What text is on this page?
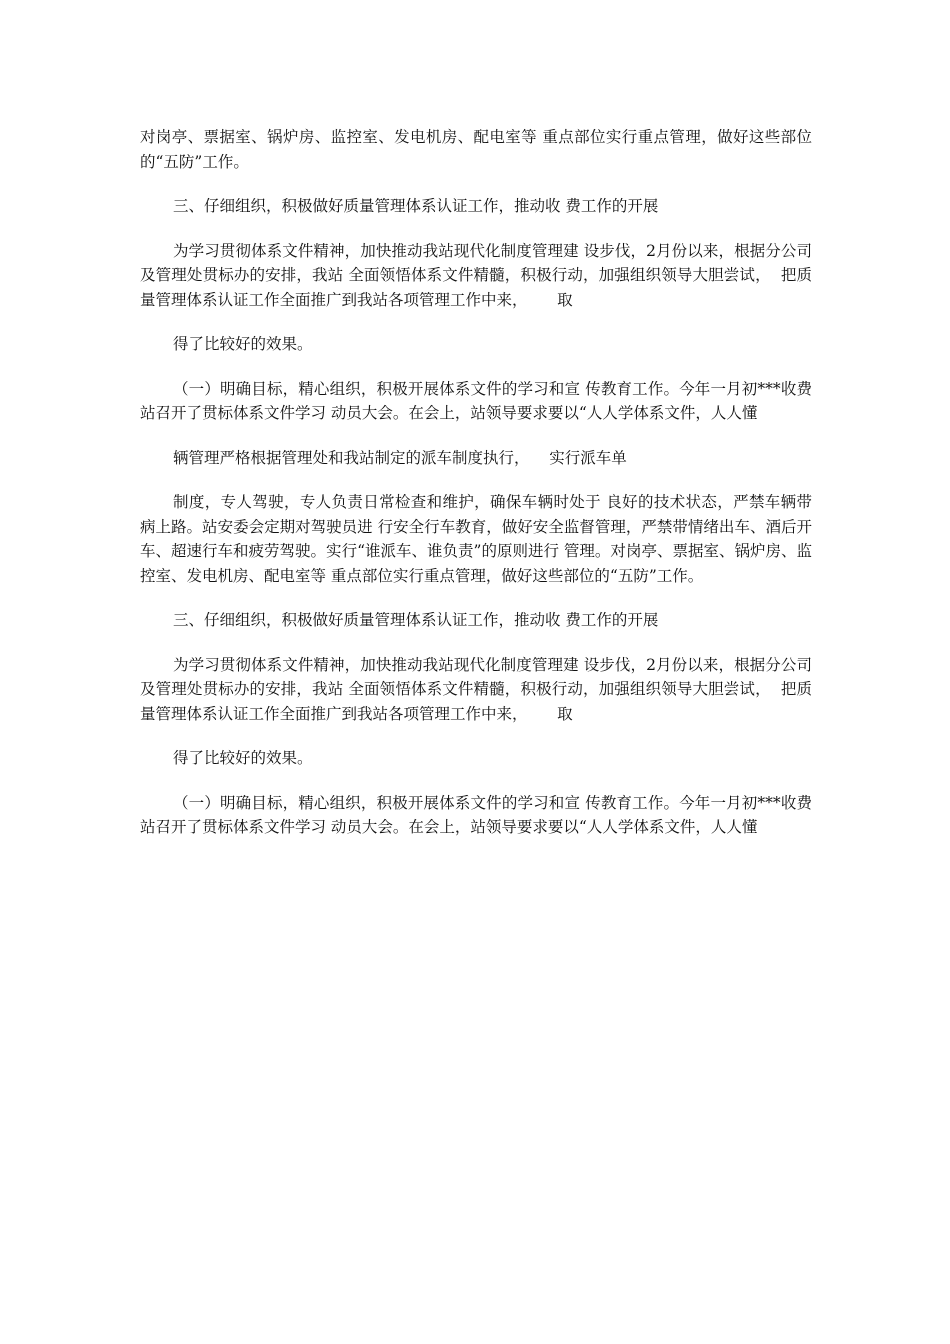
对岗亭、票据室、锅炉房、监控室、发电机房、配电室等 重点部位实行重点管理，做好这些部位的“五防”工作。

三、仔细组织，积极做好质量管理体系认证工作，推动收 费工作的开展

为学习贯彻体系文件精神，加快推动我站现代化制度管理建 设步伐，2月份以来，根据分公司及管理处贯标办的安排，我站 全面领悟体系文件精髓，积极行动，加强组织领导大胆尝试，  把质量管理体系认证工作全面推广到我站各项管理工作中来，      取

得了比较好的效果。

（一）明确目标，精心组织，积极开展体系文件的学习和宣 传教育工作。今年一月初***收费站召开了贯标体系文件学习 动员大会。在会上，站领导要求要以“人人学体系文件，人人懂

辆管理严格根据管理处和我站制定的派车制度执行，    实行派车单

制度，专人驾驶，专人负责日常检查和维护，确保车辆时处于 良好的技术状态，严禁车辆带病上路。站安委会定期对驾驶员进 行安全行车教育，做好安全监督管理，严禁带情绪出车、酒后开 车、超速行车和疲劳驾驶。实行“谁派车、谁负责”的原则进行 管理。对岗亭、票据室、锅炉房、监控室、发电机房、配电室等 重点部位实行重点管理，做好这些部位的“五防”工作。

三、仔细组织，积极做好质量管理体系认证工作，推动收 费工作的开展

为学习贯彻体系文件精神，加快推动我站现代化制度管理建 设步伐，2月份以来，根据分公司及管理处贯标办的安排，我站 全面领悟体系文件精髓，积极行动，加强组织领导大胆尝试，  把质量管理体系认证工作全面推广到我站各项管理工作中来，      取

得了比较好的效果。

（一）明确目标，精心组织，积极开展体系文件的学习和宣 传教育工作。今年一月初***收费站召开了贯标体系文件学习 动员大会。在会上，站领导要求要以“人人学体系文件，人人懂
